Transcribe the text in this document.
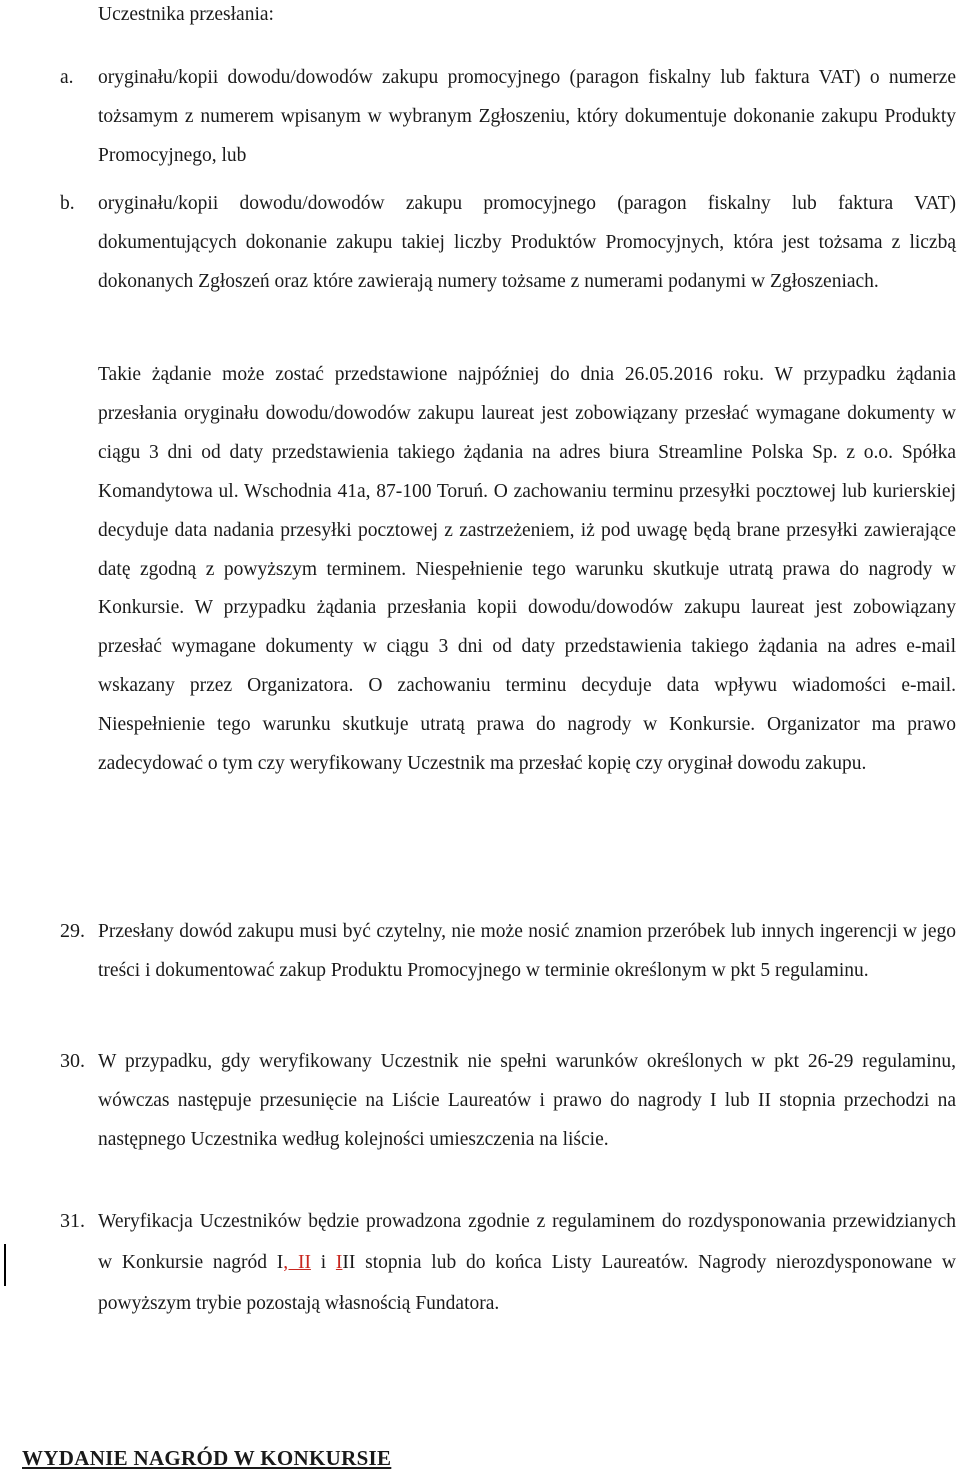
Uczestnika przesłania:

a. oryginału/kopii dowodu/dowodów zakupu promocyjnego (paragon fiskalny lub faktura VAT) o numerze tożsamym z numerem wpisanym w wybranym Zgłoszeniu, który dokumentuje dokonanie zakupu Produkty Promocyjnego, lub

b. oryginału/kopii dowodu/dowodów zakupu promocyjnego (paragon fiskalny lub faktura VAT) dokumentujących dokonanie zakupu takiej liczby Produktów Promocyjnych, która jest tożsama z liczbą dokonanych Zgłoszeń oraz które zawierają numery tożsame z numerami podanymi w Zgłoszeniach.

Takie żądanie może zostać przedstawione najpóźniej do dnia 26.05.2016 roku. W przypadku żądania przesłania oryginału dowodu/dowodów zakupu laureat jest zobowiązany przesłać wymagane dokumenty w ciągu 3 dni od daty przedstawienia takiego żądania na adres biura Streamline Polska Sp. z o.o. Spółka Komandytowa ul. Wschodnia 41a, 87-100 Toruń. O zachowaniu terminu przesyłki pocztowej lub kurierskiej decyduje data nadania przesyłki pocztowej z zastrzeżeniem, iż pod uwagę będą brane przesyłki zawierające datę zgodną z powyższym terminem. Niespełnienie tego warunku skutkuje utratą prawa do nagrody w Konkursie. W przypadku żądania przesłania kopii dowodu/dowodów zakupu laureat jest zobowiązany przesłać wymagane dokumenty w ciągu 3 dni od daty przedstawienia takiego żądania na adres e-mail wskazany przez Organizatora. O zachowaniu terminu decyduje data wpływu wiadomości e-mail. Niespełnienie tego warunku skutkuje utratą prawa do nagrody w Konkursie. Organizator ma prawo zadecydować o tym czy weryfikowany Uczestnik ma przesłać kopię czy oryginał dowodu zakupu.

29. Przesłany dowód zakupu musi być czytelny, nie może nosić znamion przeróbek lub innych ingerencji w jego treści i dokumentować zakup Produktu Promocyjnego w terminie określonym w pkt 5 regulaminu.

30. W przypadku, gdy weryfikowany Uczestnik nie spełni warunków określonych w pkt 26-29 regulaminu, wówczas następuje przesunięcie na Liście Laureatów i prawo do nagrody I lub II stopnia przechodzi na następnego Uczestnika według kolejności umieszczenia na liście.

31. Weryfikacja Uczestników będzie prowadzona zgodnie z regulaminem do rozdysponowania przewidzianych w Konkursie nagród I, II i III stopnia lub do końca Listy Laureatów. Nagrody nierozdysponowane w powyższym trybie pozostają własnością Fundatora.

WYDANIE NAGRÓD W KONKURSIE
